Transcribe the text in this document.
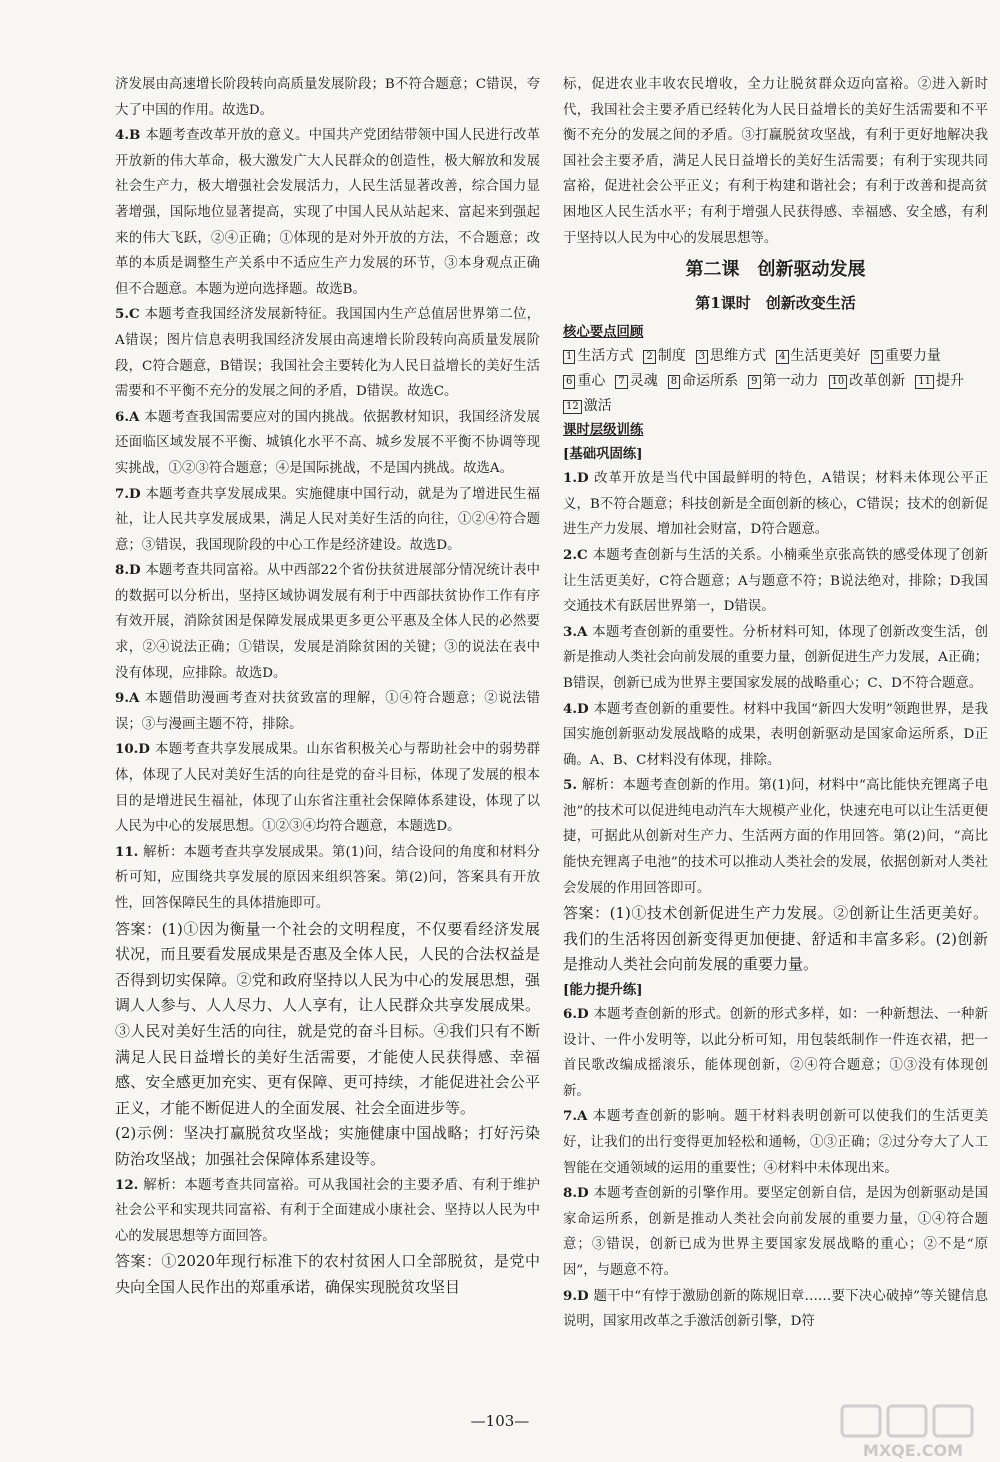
济发展由高速增长阶段转向高质量发展阶段；B不符合题意；C错误，夸大了中国的作用。故选D。

4.B 本题考查改革开放的意义。中国共产党团结带领中国人民进行改革开放新的伟大革命，极大激发广大人民群众的创造性，极大解放和发展社会生产力，极大增强社会发展活力，人民生活显著改善，综合国力显著增强，国际地位显著提高，实现了中国人民从站起来、富起来到强起来的伟大飞跃，②④正确；①体现的是对外开放的方法，不合题意；改革的本质是调整生产关系中不适应生产力发展的环节，③本身观点正确但不合题意。本题为逆向选择题。故选B。

5.C 本题考查我国经济发展新特征。我国国内生产总值居世界第二位，A错误；图片信息表明我国经济发展由高速增长阶段转向高质量发展阶段，C符合题意，B错误；我国社会主要转化为人民日益增长的美好生活需要和不平衡不充分的发展之间的矛盾，D错误。故选C。

6.A 本题考查我国需要应对的国内挑战。依据教材知识，我国经济发展还面临区域发展不平衡、城镇化水平不高、城乡发展不平衡不协调等现实挑战，①②③符合题意；④是国际挑战，不是国内挑战。故选A。

7.D 本题考查共享发展成果。实施健康中国行动，就是为了增进民生福祉，让人民共享发展成果，满足人民对美好生活的向往，①②④符合题意；③错误，我国现阶段的中心工作是经济建设。故选D。

8.D 本题考查共同富裕。从中西部22个省份扶贫进展部分情况统计表中的数据可以分析出，坚持区域协调发展有利于中西部扶贫协作工作有序有效开展，消除贫困是保障发展成果更多更公平惠及全体人民的必然要求，②④说法正确；①错误，发展是消除贫困的关键；③的说法在表中没有体现，应排除。故选D。

9.A 本题借助漫画考查对扶贫致富的理解，①④符合题意；②说法错误；③与漫画主题不符，排除。

10.D 本题考查共享发展成果。山东省积极关心与帮助社会中的弱势群体，体现了人民对美好生活的向往是党的奋斗目标，体现了发展的根本目的是增进民生福祉，体现了山东省注重社会保障体系建设，体现了以人民为中心的发展思想。①②③④均符合题意，本题选D。

11. 解析：本题考查共享发展成果。第(1)问，结合设问的角度和材料分析可知，应围绕共享发展的原因来组织答案。第(2)问，答案具有开放性，回答保障民生的具体措施即可。

答案：(1)①因为衡量一个社会的文明程度，不仅要看经济发展状况，而且要看发展成果是否惠及全体人民，人民的合法权益是否得到切实保障。②党和政府坚持以人民为中心的发展思想，强调人人参与、人人尽力、人人享有，让人民群众共享发展成果。③人民对美好生活的向往，就是党的奋斗目标。④我们只有不断满足人民日益增长的美好生活需要，才能使人民获得感、幸福感、安全感更加充实、更有保障、更可持续，才能促进社会公平正义，才能不断促进人的全面发展、社会全面进步等。

(2)示例：坚决打赢脱贫攻坚战；实施健康中国战略；打好污染防治攻坚战；加强社会保障体系建设等。

12. 解析：本题考查共同富裕。可从我国社会的主要矛盾、有利于维护社会公平和实现共同富裕、有利于全面建成小康社会、坚持以人民为中心的发展思想等方面回答。

答案：①2020年现行标准下的农村贫困人口全部脱贫，是党中央向全国人民作出的郑重承诺，确保实现脱贫攻坚目

标，促进农业丰收农民增收，全力让脱贫群众迈向富裕。②进入新时代，我国社会主要矛盾已经转化为人民日益增长的美好生活需要和不平衡不充分的发展之间的矛盾。③打赢脱贫攻坚战，有利于更好地解决我国社会主要矛盾，满足人民日益增长的美好生活需要；有利于实现共同富裕，促进社会公平正义；有利于构建和谐社会；有利于改善和提高贫困地区人民生活水平；有利于增强人民获得感、幸福感、安全感，有利于坚持以人民为中心的发展思想等。

第二课　创新驱动发展
第1课时　创新改变生活
核心要点回顾
1 生活方式 2 制度 3 思维方式 4 生活更美好 5 重要力量6 重心 7 灵魂 8 命运所系 9 第一动力 10 改革创新 11 提升12 激活
课时层级训练
[基础巩固练]

1.D 改革开放是当代中国最鲜明的特色，A错误；材料未体现公平正义，B不符合题意；科技创新是全面创新的核心，C错误；技术的创新促进生产力发展、增加社会财富，D符合题意。

2.C 本题考查创新与生活的关系。小楠乘坐京张高铁的感受体现了创新让生活更美好，C符合题意；A与题意不符；B说法绝对，排除；D我国交通技术有跃居世界第一，D错误。

3.A 本题考查创新的重要性。分析材料可知，体现了创新改变生活，创新是推动人类社会向前发展的重要力量，创新促进生产力发展，A正确；B错误，创新已成为世界主要国家发展的战略重心；C、D不符合题意。

4.D 本题考查创新的重要性。材料中我国“新四大发明”领跑世界，是我国实施创新驱动发展战略的成果，表明创新驱动是国家命运所系，D正确。A、B、C材料没有体现，排除。

5. 解析：本题考查创新的作用。第(1)问，材料中“高比能快充锂离子电池”的技术可以促进纯电动汽车大规模产业化，快速充电可以让生活更便捷，可据此从创新对生产力、生活两方面的作用回答。第(2)问，“高比能快充锂离子电池”的技术可以推动人类社会的发展，依据创新对人类社会发展的作用回答即可。

答案：(1)①技术创新促进生产力发展。②创新让生活更美好。我们的生活将因创新变得更加便捷、舒适和丰富多彩。(2)创新是推动人类社会向前发展的重要力量。

[能力提升练]

6.D 本题考查创新的形式。创新的形式多样，如：一种新想法、一种新设计、一件小发明等，以此分析可知，用包装纸制作一件连衣裙，把一首民歌改编成摇滚乐，能体现创新，②④符合题意；①③没有体现创新。

7.A 本题考查创新的影响。题干材料表明创新可以使我们的生活更美好，让我们的出行变得更加轻松和通畅，①③正确；②过分夸大了人工智能在交通领域的运用的重要性；④材料中未体现出来。

8.D 本题考查创新的引擎作用。要坚定创新自信，是因为创新驱动是国家命运所系，创新是推动人类社会向前发展的重要力量，①④符合题意；③错误，创新已成为世界主要国家发展战略的重心；②不是“原因”，与题意不符。

9.D 题干中“有悖于激励创新的陈规旧章……要下决心破掉”等关键信息说明，国家用改革之手激活创新引擎，D符

—103—
MXQE.COM
